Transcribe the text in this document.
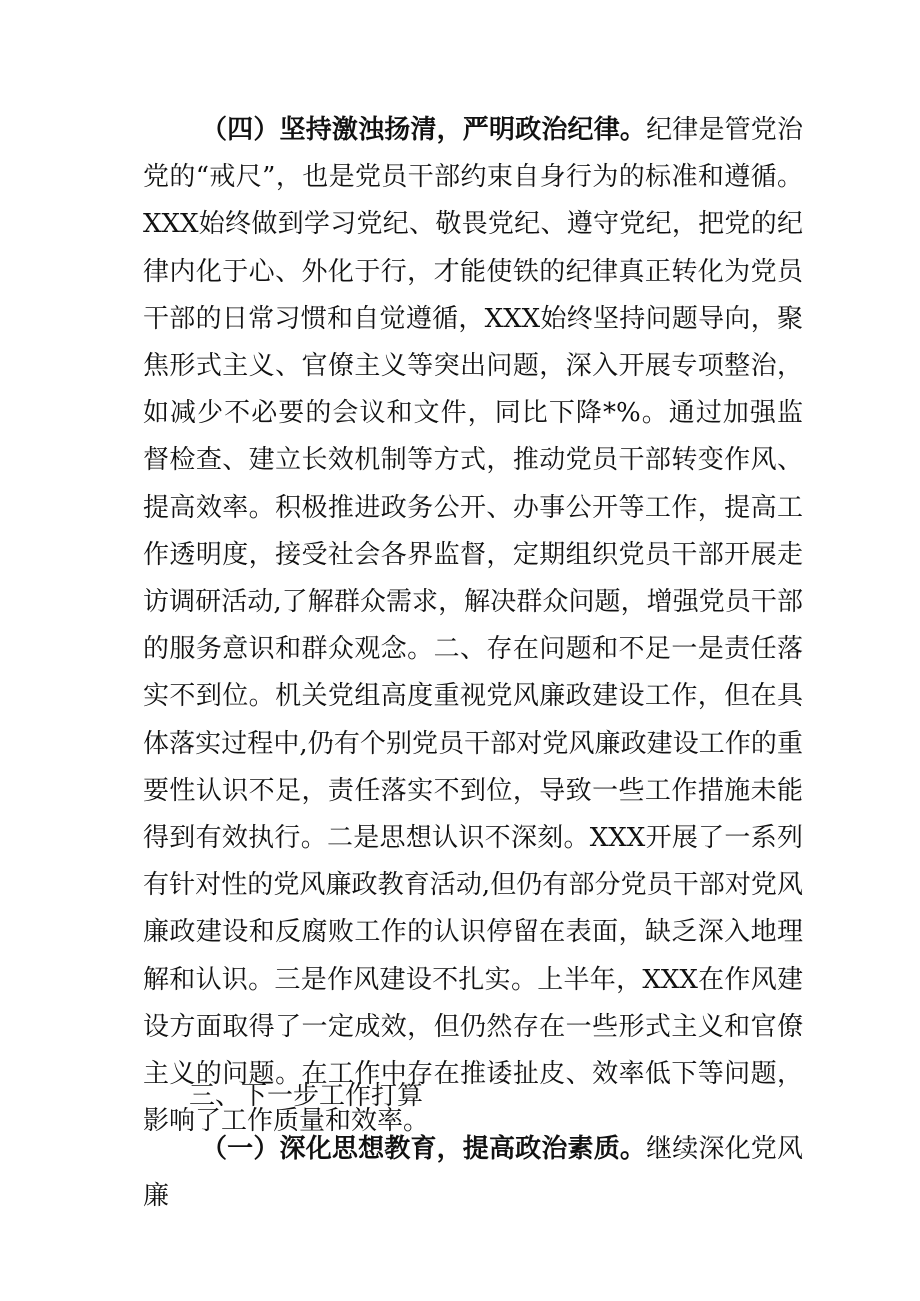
（四）坚持激浊扬清，严明政治纪律。纪律是管党治党的“戒尺”，也是党员干部约束自身行为的标准和遵循。XXX始终做到学习党纪、敬畏党纪、遵守党纪，把党的纪律内化于心、外化于行，才能使铁的纪律真正转化为党员干部的日常习惯和自觉遵循，XXX始终坚持问题导向，聚焦形式主义、官僚主义等突出问题，深入开展专项整治，如减少不必要的会议和文件，同比下降*%。通过加强监督检查、建立长效机制等方式，推动党员干部转变作风、提高效率。积极推进政务公开、办事公开等工作，提高工作透明度，接受社会各界监督，定期组织党员干部开展走访调研活动,了解群众需求，解决群众问题，增强党员干部的服务意识和群众观念。二、存在问题和不足一是责任落实不到位。机关党组高度重视党风廉政建设工作，但在具体落实过程中,仍有个别党员干部对党风廉政建设工作的重要性认识不足，责任落实不到位，导致一些工作措施未能得到有效执行。二是思想认识不深刻。XXX开展了一系列有针对性的党风廉政教育活动,但仍有部分党员干部对党风廉政建设和反腐败工作的认识停留在表面，缺乏深入地理解和认识。三是作风建设不扎实。上半年，XXX在作风建设方面取得了一定成效，但仍然存在一些形式主义和官僚主义的问题。在工作中存在推诿扯皮、效率低下等问题，影响了工作质量和效率。

三、下一步工作打算

（一）深化思想教育，提高政治素质。继续深化党风廉
